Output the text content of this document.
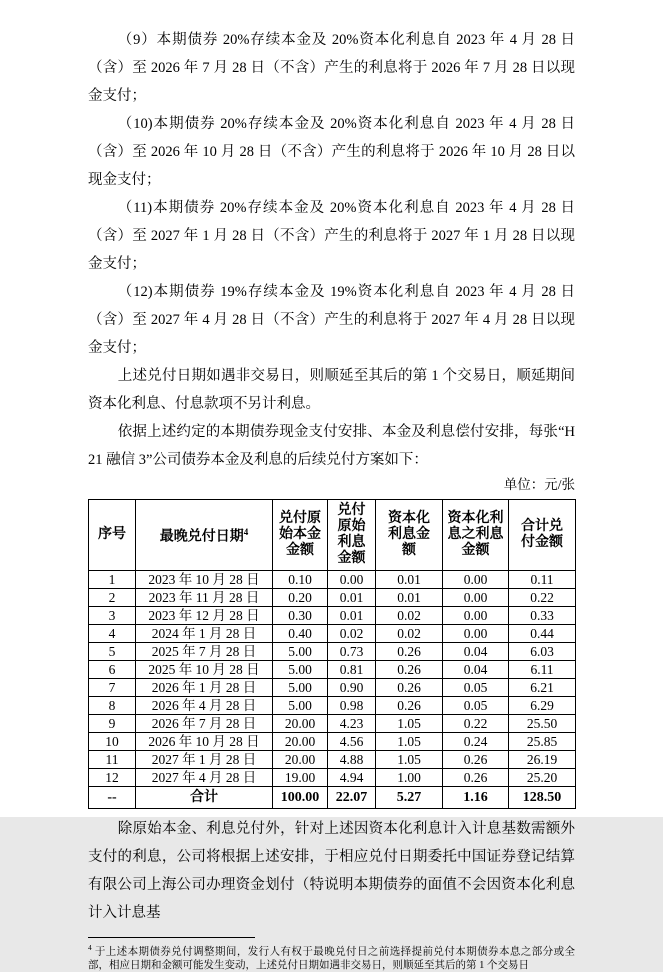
（9）本期债券 20%存续本金及 20%资本化利息自 2023 年 4 月 28 日（含）至 2026 年 7 月 28 日（不含）产生的利息将于 2026 年 7 月 28 日以现金支付；

（10)本期债券 20%存续本金及 20%资本化利息自 2023 年 4 月 28 日（含）至 2026 年 10 月 28 日（不含）产生的利息将于 2026 年 10 月 28 日以现金支付；

（11)本期债券 20%存续本金及 20%资本化利息自 2023 年 4 月 28 日（含）至 2027 年 1 月 28 日（不含）产生的利息将于 2027 年 1 月 28 日以现金支付；

（12)本期债券 19%存续本金及 19%资本化利息自 2023 年 4 月 28 日（含）至 2027 年 4 月 28 日（不含）产生的利息将于 2027 年 4 月 28 日以现金支付；

上述兑付日期如遇非交易日，则顺延至其后的第 1 个交易日，顺延期间资本化利息、付息款项不另计利息。

依据上述约定的本期债券现金支付安排、本金及利息偿付安排，每张“H21 融信 3”公司债券本金及利息的后续兑付方案如下：

单位：元/张

序号	最晚兑付日期$^4$	兑付原
始本金
金额	兑付
原始
利息
金额	资本化
利息金
额	资本化利
息之利息
金额	合计兑
付金额
1	2023 年 10 月 28 日	0.10	0.00	0.01	0.00	0.11
2	2023 年 11 月 28 日	0.20	0.01	0.01	0.00	0.22
3	2023 年 12 月 28 日	0.30	0.01	0.02	0.00	0.33
4	2024 年 1 月 28 日	0.40	0.02	0.02	0.00	0.44
5	2025 年 7 月 28 日	5.00	0.73	0.26	0.04	6.03
6	2025 年 10 月 28 日	5.00	0.81	0.26	0.04	6.11
7	2026 年 1 月 28 日	5.00	0.90	0.26	0.05	6.21
8	2026 年 4 月 28 日	5.00	0.98	0.26	0.05	6.29
9	2026 年 7 月 28 日	20.00	4.23	1.05	0.22	25.50
10	2026 年 10 月 28 日	20.00	4.56	1.05	0.24	25.85
11	2027 年 1 月 28 日	20.00	4.88	1.05	0.26	26.19
12	2027 年 4 月 28 日	19.00	4.94	1.00	0.26	25.20
--	合计	100.00	22.07	5.27	1.16	128.50

除原始本金、利息兑付外，针对上述因资本化利息计入计息基数需额外支付的利息，公司将根据上述安排，于相应兑付日期委托中国证券登记结算有限公司上海公司办理资金划付（特说明本期债券的面值不会因资本化利息计入计息基

$^4$ 于上述本期债券兑付调整期间，发行人有权于最晚兑付日之前选择提前兑付本期债券本息之部分或全部，相应日期和金额可能发生变动，上述兑付日期如遇非交易日，则顺延至其后的第 1 个交易日
